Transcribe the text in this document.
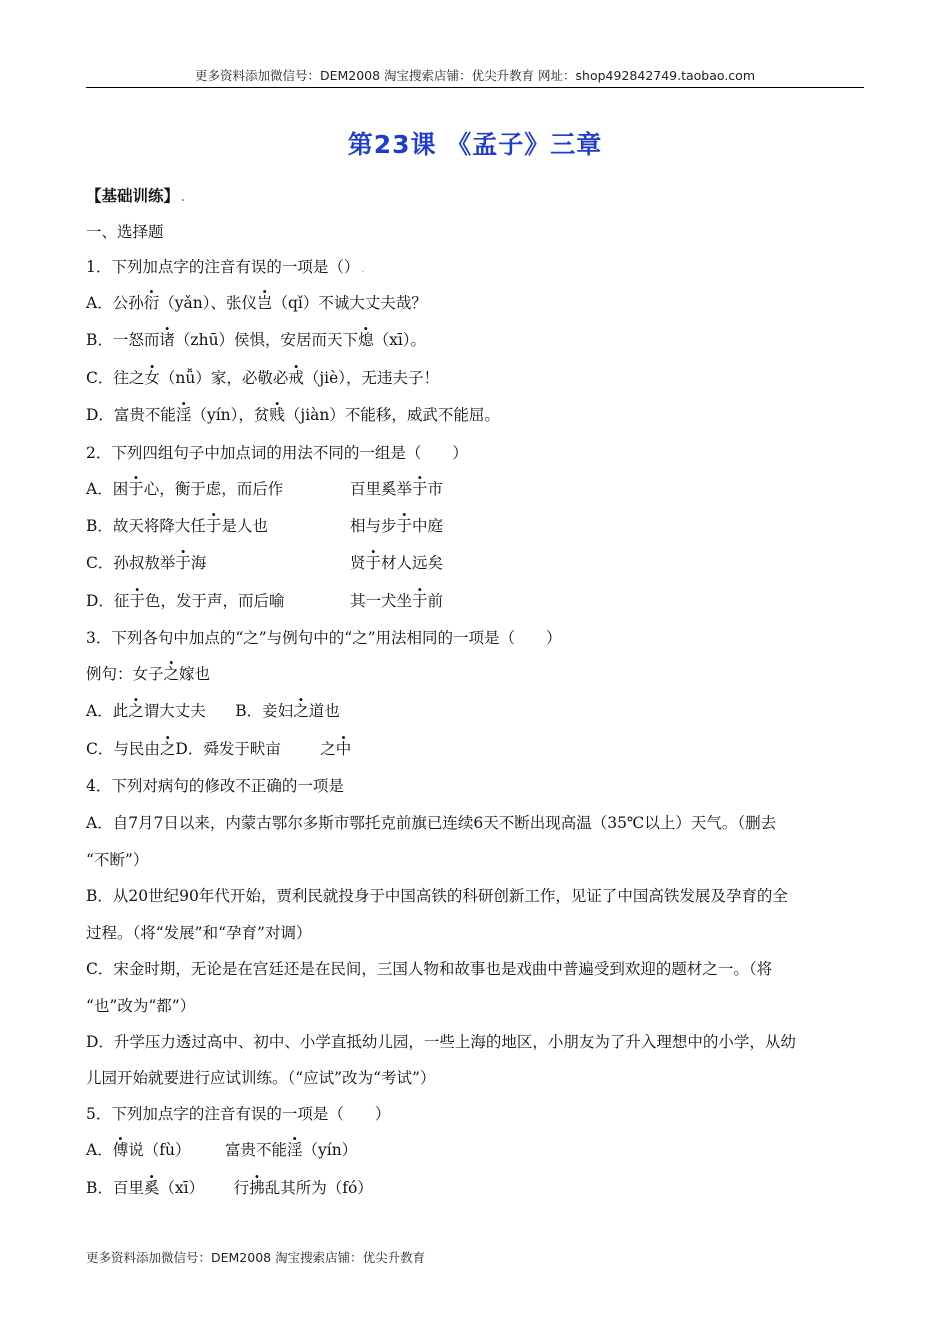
更多资料添加微信号：DEM2008 淘宝搜索店铺：优尖升教育 网址：shop492842749.taobao.com
第23课 《孟子》三章
【基础训练】 .
一、选择题
1．下列加点字的注音有误的一项是（） .
A．公孙衍（yǎn）、张仪岂（qǐ）不诚大丈夫哉？
B．一怒而诸（zhū）侯惧，安居而天下熄（xī）。
C．往之女（nǚ）家，必敬必戒（jiè），无违夫子！
D．富贵不能淫（yín），贫贱（jiàn）不能移，威武不能屈。
2．下列四组句子中加点词的用法不同的一组是（　　）
A．困于心，衡于虑，而后作	百里奚举于市
B．故天将降大任于是人也	相与步于中庭
C．孙叔敖举于海	贤于材人远矣
D．征于色，发于声，而后喻	其一犬坐于前
3．下列各句中加点的“之”与例句中的“之”用法相同的一项是（　　）
例句：女子之嫁也
A．此之谓大丈夫 B．妾妇之道也
C．与民由之D．舜发于畎亩	之中
4．下列对病句的修改不正确的一项是
A．自7月7日以来，内蒙古鄂尔多斯市鄂托克前旗已连续6天不断出现高温（35℃以上）天气。（删去
“不断”）
B．从20世纪90年代开始，贾利民就投身于中国高铁的科研创新工作，见证了中国高铁发展及孕育的全
过程。（将“发展”和“孕育”对调）
C．宋金时期，无论是在宫廷还是在民间，三国人物和故事也是戏曲中普遍受到欢迎的题材之一。（将
“也”改为“都”）
D．升学压力透过高中、初中、小学直抵幼儿园，一些上海的地区，小朋友为了升入理想中的小学，从幼
儿园开始就要进行应试训练。（“应试”改为“考试”）
5．下列加点字的注音有误的一项是（　　）
A．傅说（fù） 富贵不能淫（yín）
B．百里奚（xī） 行拂乱其所为（fó）
更多资料添加微信号：DEM2008 淘宝搜索店铺：优尖升教育
